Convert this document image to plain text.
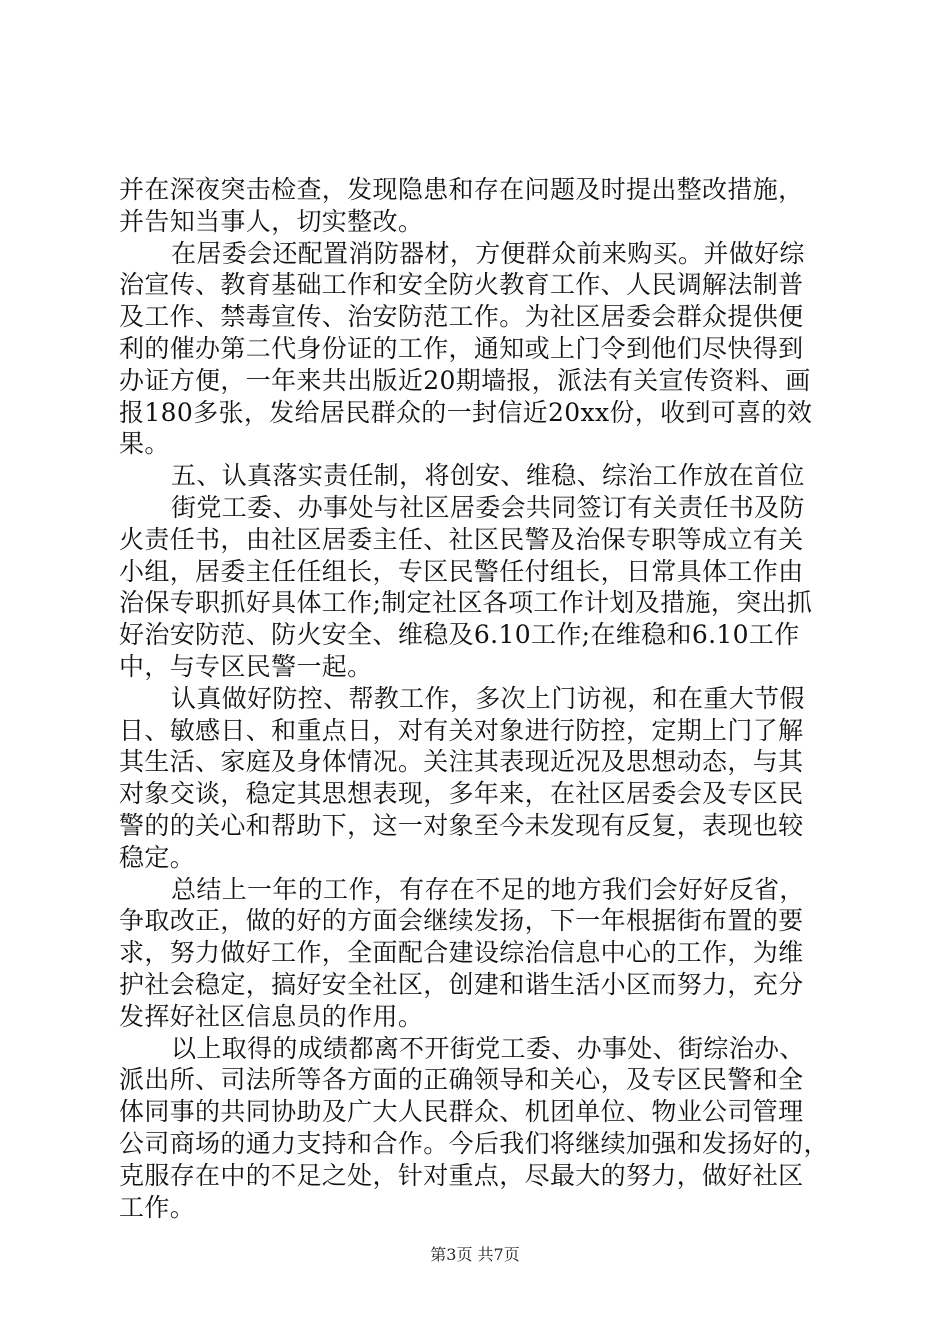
并在深夜突击检查，发现隐患和存在问题及时提出整改措施，
并告知当事人，切实整改。
在居委会还配置消防器材，方便群众前来购买。并做好综
治宣传、教育基础工作和安全防火教育工作、人民调解法制普
及工作、禁毒宣传、治安防范工作。为社区居委会群众提供便
利的催办第二代身份证的工作，通知或上门令到他们尽快得到
办证方便，一年来共出版近20期墙报，派法有关宣传资料、画
报180多张，发给居民群众的一封信近20xx份，收到可喜的效
果。
五、认真落实责任制，将创安、维稳、综治工作放在首位
街党工委、办事处与社区居委会共同签订有关责任书及防
火责任书，由社区居委主任、社区民警及治保专职等成立有关
小组，居委主任任组长，专区民警任付组长，日常具体工作由
治保专职抓好具体工作;制定社区各项工作计划及措施，突出抓
好治安防范、防火安全、维稳及6.10工作;在维稳和6.10工作
中，与专区民警一起。
认真做好防控、帮教工作，多次上门访视，和在重大节假
日、敏感日、和重点日，对有关对象进行防控，定期上门了解
其生活、家庭及身体情况。关注其表现近况及思想动态，与其
对象交谈，稳定其思想表现，多年来，在社区居委会及专区民
警的的关心和帮助下，这一对象至今未发现有反复，表现也较
稳定。
总结上一年的工作，有存在不足的地方我们会好好反省，
争取改正，做的好的方面会继续发扬，下一年根据街布置的要
求，努力做好工作，全面配合建设综治信息中心的工作，为维
护社会稳定，搞好安全社区，创建和谐生活小区而努力，充分
发挥好社区信息员的作用。
以上取得的成绩都离不开街党工委、办事处、街综治办、
派出所、司法所等各方面的正确领导和关心，及专区民警和全
体同事的共同协助及广大人民群众、机团单位、物业公司管理
公司商场的通力支持和合作。今后我们将继续加强和发扬好的，
克服存在中的不足之处，针对重点，尽最大的努力，做好社区
工作。
第3页 共7页
